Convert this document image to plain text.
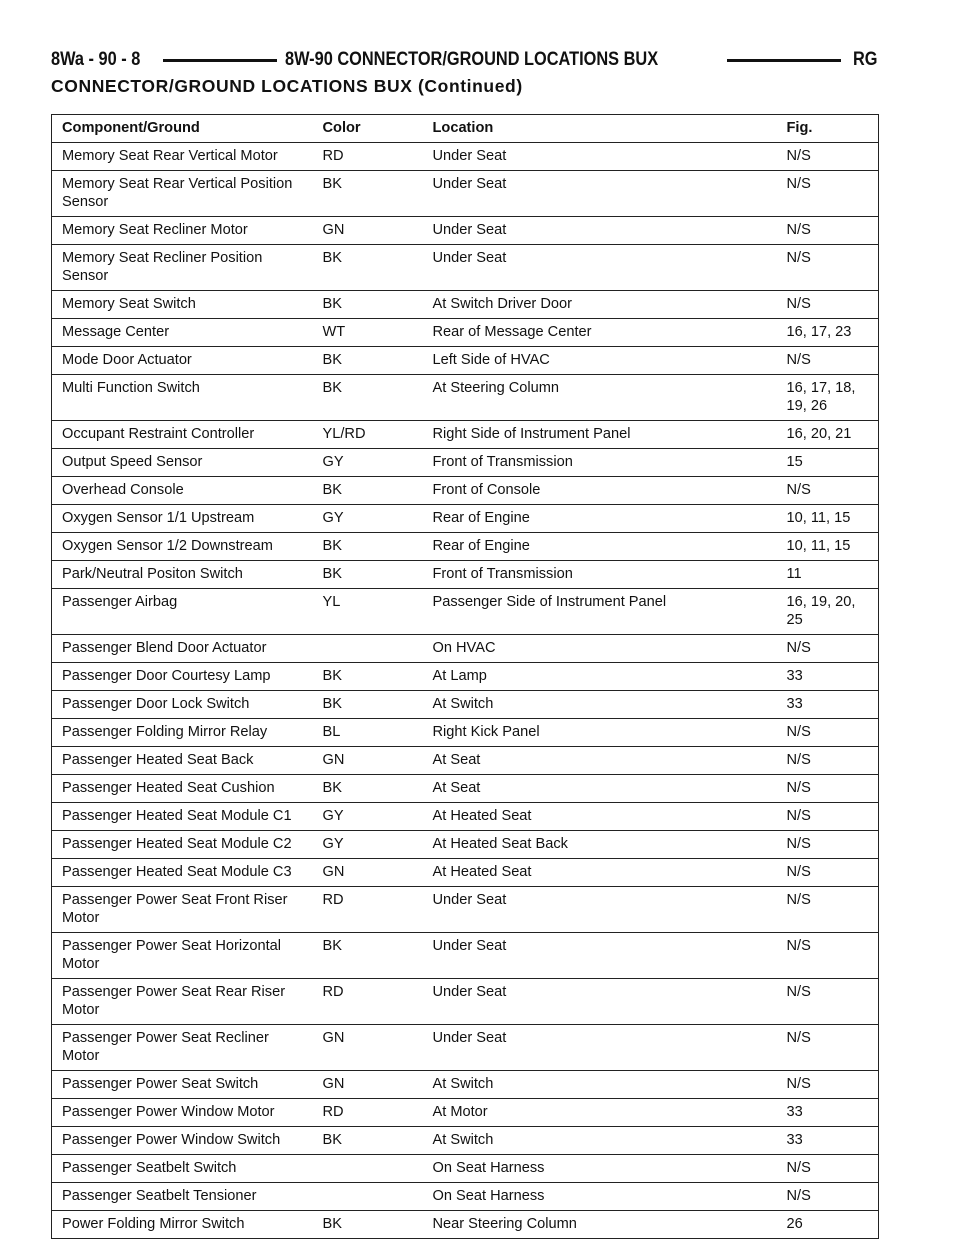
8Wa - 90 - 8	8W-90 CONNECTOR/GROUND LOCATIONS BUX	RG
CONNECTOR/GROUND LOCATIONS BUX (Continued)
Component/Ground	Color	Location	Fig.
Memory Seat Rear Vertical Motor	RD	Under Seat	N/S
Memory Seat Rear Vertical Position Sensor	BK	Under Seat	N/S
Memory Seat Recliner Motor	GN	Under Seat	N/S
Memory Seat Recliner Position Sensor	BK	Under Seat	N/S
Memory Seat Switch	BK	At Switch Driver Door	N/S
Message Center	WT	Rear of Message Center	16, 17, 23
Mode Door Actuator	BK	Left Side of HVAC	N/S
Multi Function Switch	BK	At Steering Column	16, 17, 18, 19, 26
Occupant Restraint Controller	YL/RD	Right Side of Instrument Panel	16, 20, 21
Output Speed Sensor	GY	Front of Transmission	15
Overhead Console	BK	Front of Console	N/S
Oxygen Sensor 1/1 Upstream	GY	Rear of Engine	10, 11, 15
Oxygen Sensor 1/2 Downstream	BK	Rear of Engine	10, 11, 15
Park/Neutral Positon Switch	BK	Front of Transmission	11
Passenger Airbag	YL	Passenger Side of Instrument Panel	16, 19, 20, 25
Passenger Blend Door Actuator		On HVAC	N/S
Passenger Door Courtesy Lamp	BK	At Lamp	33
Passenger Door Lock Switch	BK	At Switch	33
Passenger Folding Mirror Relay	BL	Right Kick Panel	N/S
Passenger Heated Seat Back	GN	At Seat	N/S
Passenger Heated Seat Cushion	BK	At Seat	N/S
Passenger Heated Seat Module C1	GY	At Heated Seat	N/S
Passenger Heated Seat Module C2	GY	At Heated Seat Back	N/S
Passenger Heated Seat Module C3	GN	At Heated Seat	N/S
Passenger Power Seat Front Riser Motor	RD	Under Seat	N/S
Passenger Power Seat Horizontal Motor	BK	Under Seat	N/S
Passenger Power Seat Rear Riser Motor	RD	Under Seat	N/S
Passenger Power Seat Recliner Motor	GN	Under Seat	N/S
Passenger Power Seat Switch	GN	At Switch	N/S
Passenger Power Window Motor	RD	At Motor	33
Passenger Power Window Switch	BK	At Switch	33
Passenger Seatbelt Switch		On Seat Harness	N/S
Passenger Seatbelt Tensioner		On Seat Harness	N/S
Power Folding Mirror Switch	BK	Near Steering Column	26
